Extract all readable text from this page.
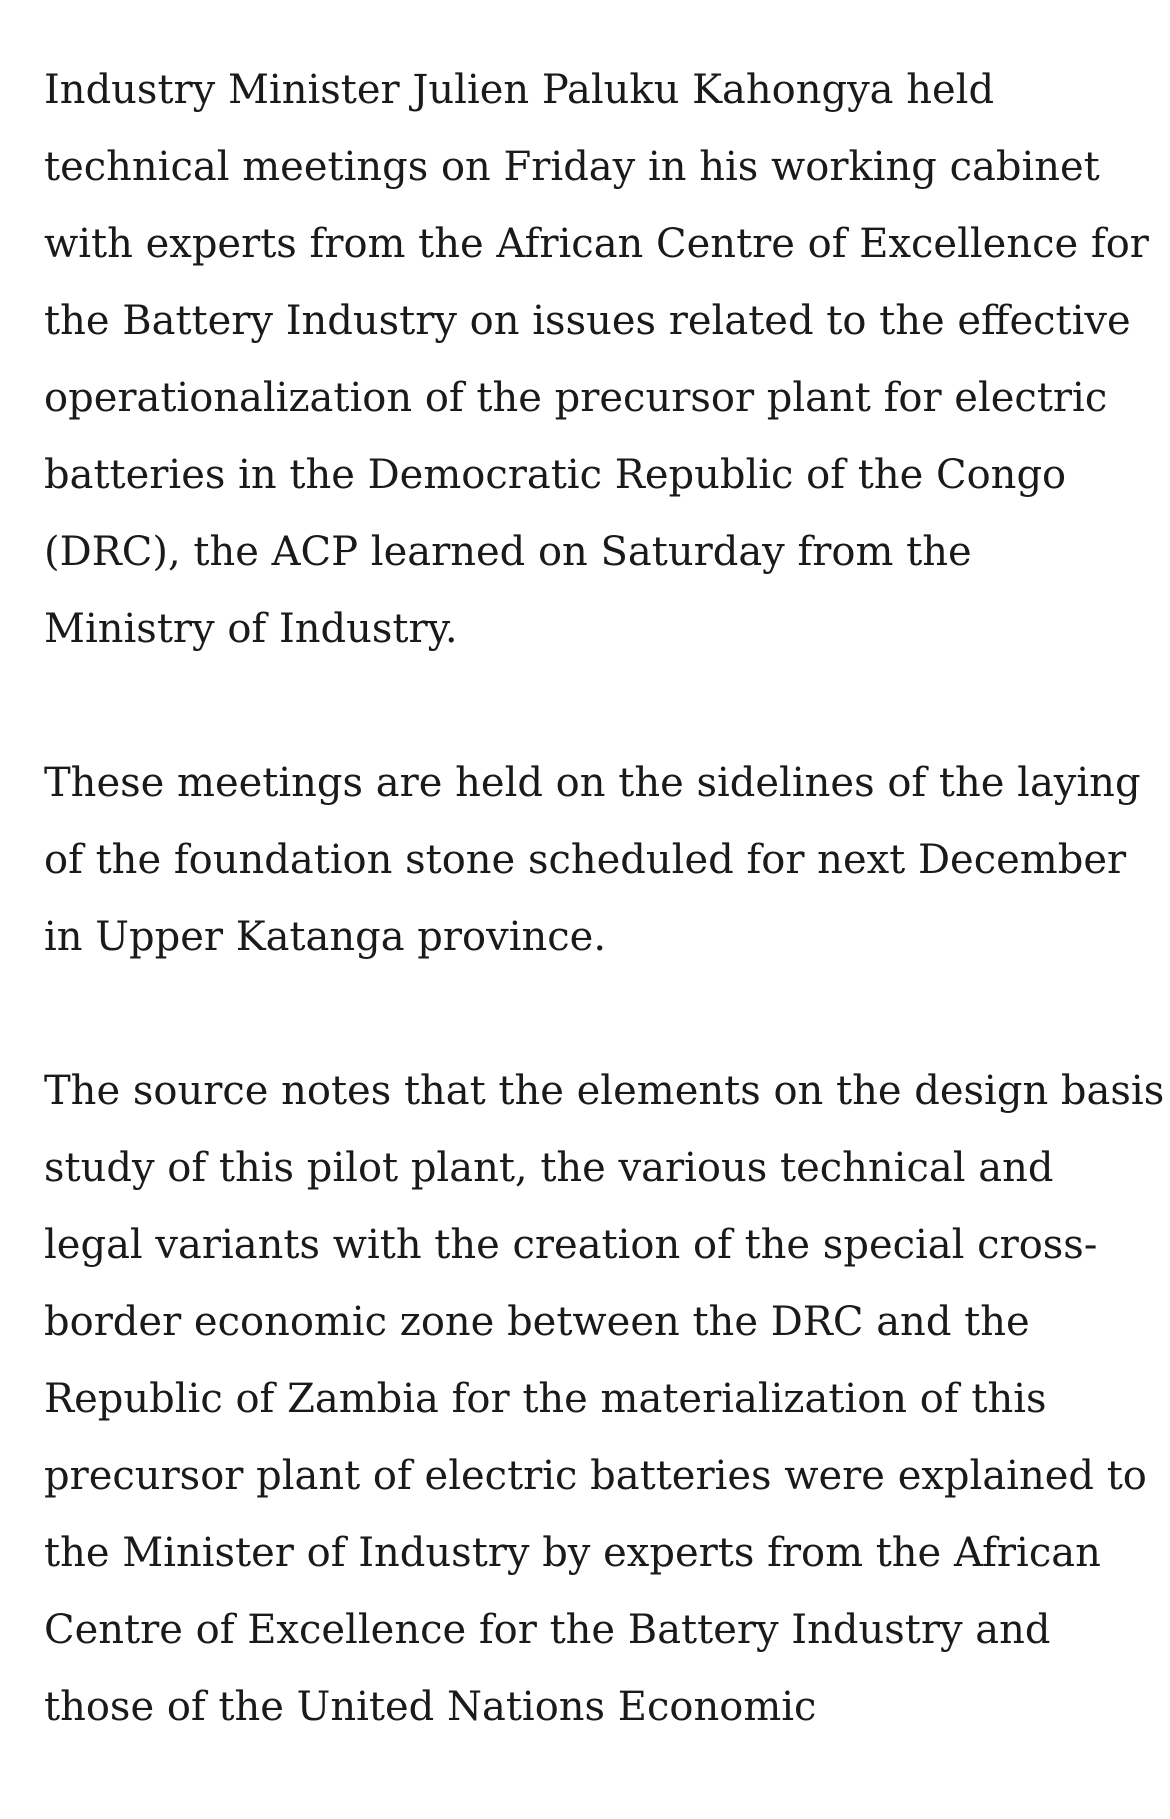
Industry Minister Julien Paluku Kahongya held
technical meetings on Friday in his working cabinet
with experts from the African Centre of Excellence for
the Battery Industry on issues related to the effective
operationalization of the precursor plant for electric
batteries in the Democratic Republic of the Congo
(DRC), the ACP learned on Saturday from the
Ministry of Industry.

These meetings are held on the sidelines of the laying
of the foundation stone scheduled for next December
in Upper Katanga province.

The source notes that the elements on the design basis
study of this pilot plant, the various technical and
legal variants with the creation of the special cross-
border economic zone between the DRC and the
Republic of Zambia for the materialization of this
precursor plant of electric batteries were explained to
the Minister of Industry by experts from the African
Centre of Excellence for the Battery Industry and
those of the United Nations Economic
